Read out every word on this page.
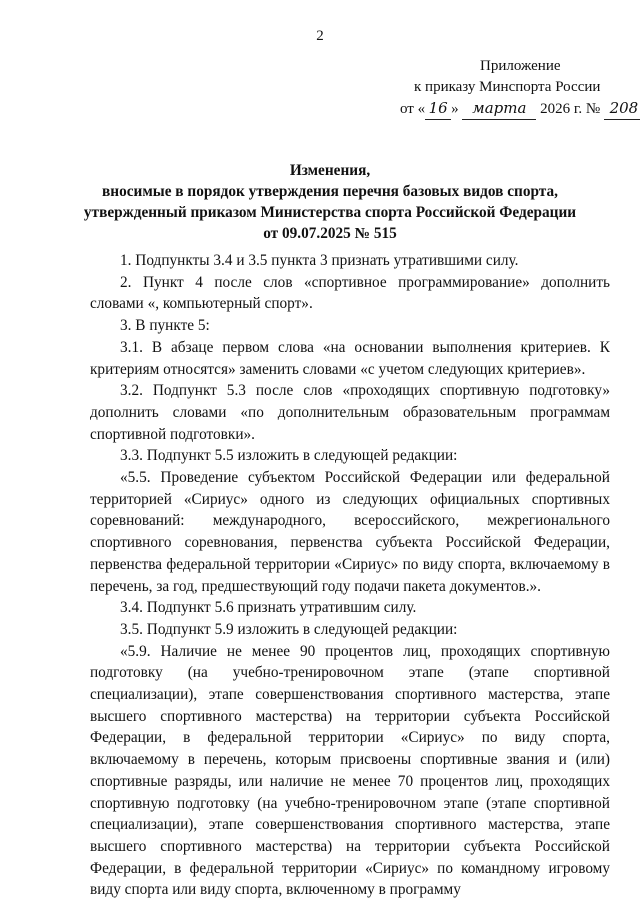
2
Приложение
к приказу Минспорта России
от « 16 » марта 2026 г. № 208
Изменения,
вносимые в порядок утверждения перечня базовых видов спорта,
утвержденный приказом Министерства спорта Российской Федерации
от 09.07.2025 № 515

1. Подпункты 3.4 и 3.5 пункта 3 признать утратившими силу.

2. Пункт 4 после слов «спортивное программирование» дополнить словами «, компьютерный спорт».

3. В пункте 5:

3.1. В абзаце первом слова «на основании выполнения критериев. К критериям относятся» заменить словами «с учетом следующих критериев».

3.2. Подпункт 5.3 после слов «проходящих спортивную подготовку» дополнить словами «по дополнительным образовательным программам спортивной подготовки».

3.3. Подпункт 5.5 изложить в следующей редакции:

«5.5. Проведение субъектом Российской Федерации или федеральной территорией «Сириус» одного из следующих официальных спортивных соревнований: международного, всероссийского, межрегионального спортивного соревнования, первенства субъекта Российской Федерации, первенства федеральной территории «Сириус» по виду спорта, включаемому в перечень, за год, предшествующий году подачи пакета документов.».

3.4. Подпункт 5.6 признать утратившим силу.

3.5. Подпункт 5.9 изложить в следующей редакции:

«5.9. Наличие не менее 90 процентов лиц, проходящих спортивную подготовку (на учебно-тренировочном этапе (этапе спортивной специализации), этапе совершенствования спортивного мастерства, этапе высшего спортивного мастерства) на территории субъекта Российской Федерации, в федеральной территории «Сириус» по виду спорта, включаемому в перечень, которым присвоены спортивные звания и (или) спортивные разряды, или наличие не менее 70 процентов лиц, проходящих спортивную подготовку (на учебно-тренировочном этапе (этапе спортивной специализации), этапе совершенствования спортивного мастерства, этапе высшего спортивного мастерства) на территории субъекта Российской Федерации, в федеральной территории «Сириус» по командному игровому виду спорта или виду спорта, включенному в программу
